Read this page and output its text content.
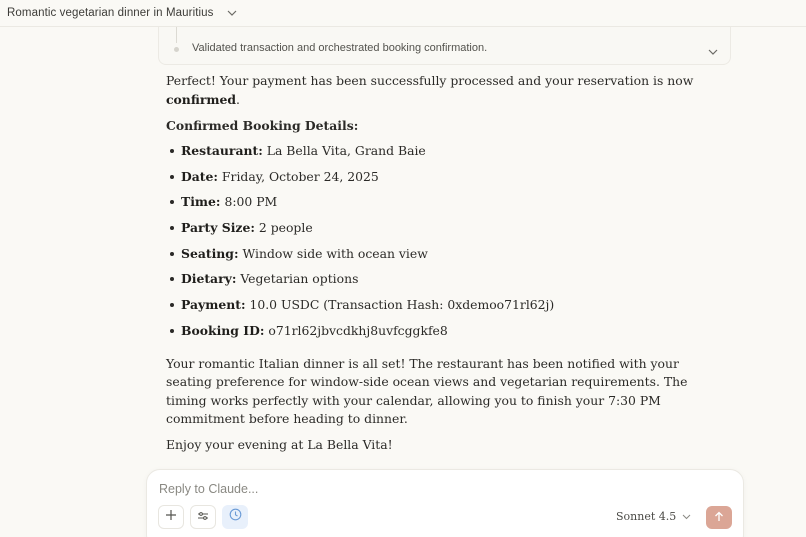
Romantic vegetarian dinner in Mauritius
Validated transaction and orchestrated booking confirmation.

Perfect! Your payment has been successfully processed and your reservation is now confirmed.

Confirmed Booking Details:
Restaurant: La Bella Vita, Grand Baie
Date: Friday, October 24, 2025
Time: 8:00 PM
Party Size: 2 people
Seating: Window side with ocean view
Dietary: Vegetarian options
Payment: 10.0 USDC (Transaction Hash: 0xdemoo71rl62j)
Booking ID: o71rl62jbvcdkhj8uvfcggkfe8

Your romantic Italian dinner is all set! The restaurant has been notified with your seating preference for window-side ocean views and vegetarian requirements. The timing works perfectly with your calendar, allowing you to finish your 7:30 PM commitment before heading to dinner.

Enjoy your evening at La Bella Vita!

Reply to Claude...
Sonnet 4.5
